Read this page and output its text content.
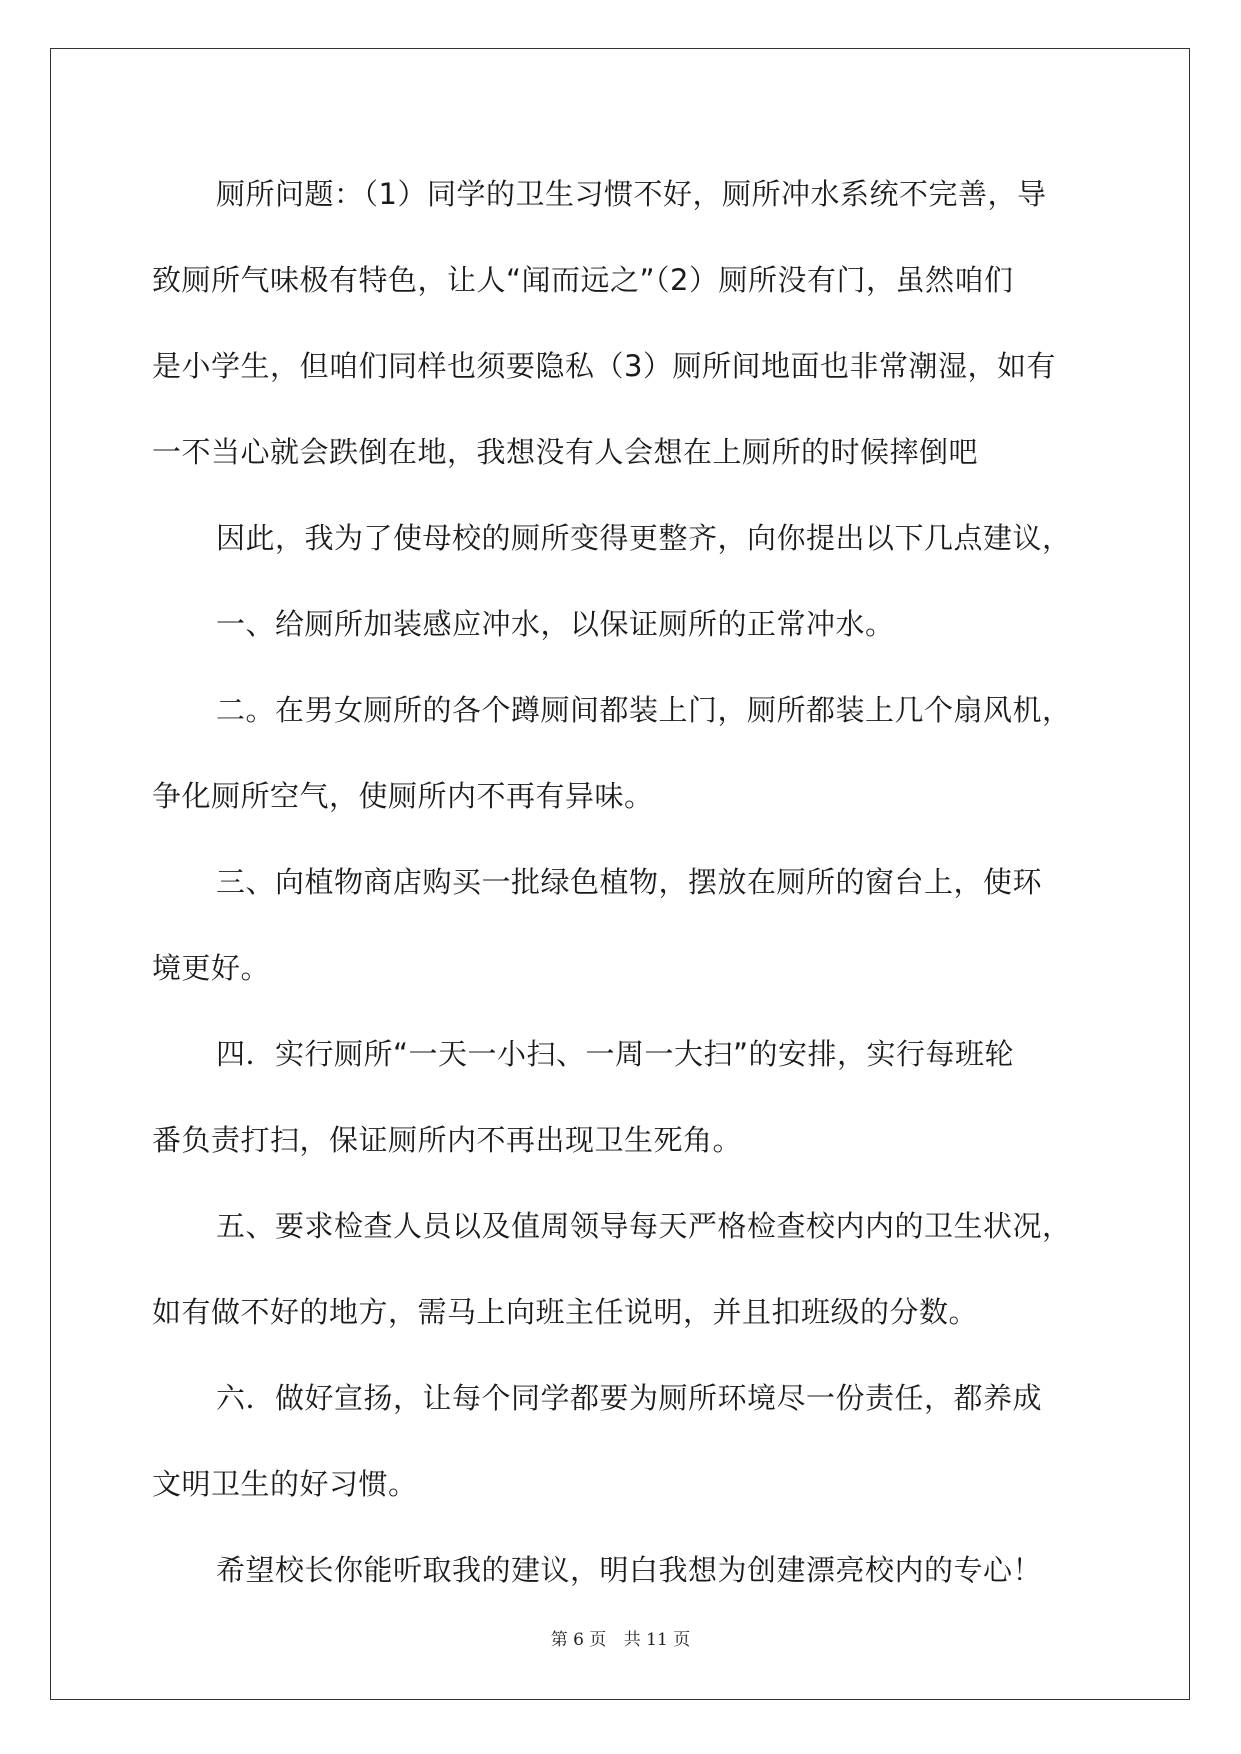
厕所问题：（1）同学的卫生习惯不好，厕所冲水系统不完善，导
致厕所气味极有特色，让人“闻而远之”（2）厕所没有门，虽然咱们
是小学生，但咱们同样也须要隐私（3）厕所间地面也非常潮湿，如有
一不当心就会跌倒在地，我想没有人会想在上厕所的时候摔倒吧
因此，我为了使母校的厕所变得更整齐，向你提出以下几点建议，
一、给厕所加装感应冲水，以保证厕所的正常冲水。
二。在男女厕所的各个蹲厕间都装上门，厕所都装上几个扇风机，
争化厕所空气，使厕所内不再有异味。
三、向植物商店购买一批绿色植物，摆放在厕所的窗台上，使环
境更好。
四．实行厕所“一天一小扫、一周一大扫”的安排，实行每班轮
番负责打扫，保证厕所内不再出现卫生死角。
五、要求检查人员以及值周领导每天严格检查校内内的卫生状况，
如有做不好的地方，需马上向班主任说明，并且扣班级的分数。
六．做好宣扬，让每个同学都要为厕所环境尽一份责任，都养成
文明卫生的好习惯。
希望校长你能听取我的建议，明白我想为创建漂亮校内的专心！
第 6 页 共 11 页
